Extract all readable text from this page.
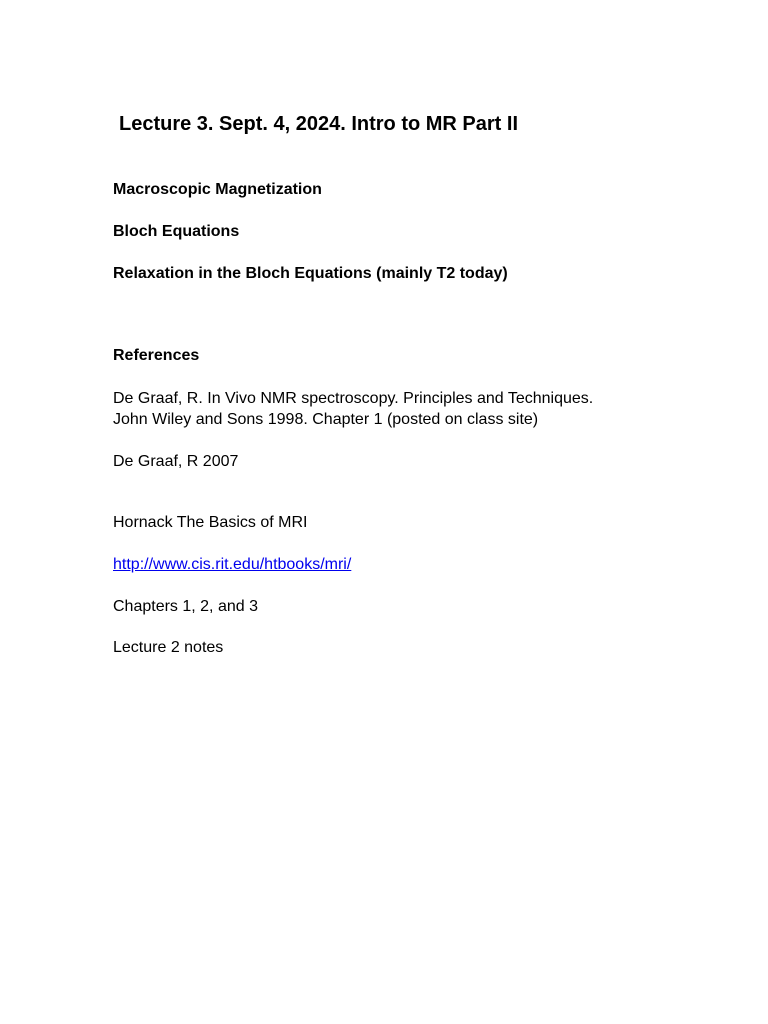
Lecture 3. Sept. 4, 2024. Intro to MR Part II
Macroscopic Magnetization
Bloch Equations
Relaxation in the Bloch Equations (mainly T2 today)
References
De Graaf, R. In Vivo NMR spectroscopy. Principles and Techniques.
John Wiley and Sons 1998. Chapter 1 (posted on class site)
De Graaf, R 2007
Hornack The Basics of MRI
http://www.cis.rit.edu/htbooks/mri/
Chapters 1, 2, and 3
Lecture 2 notes
